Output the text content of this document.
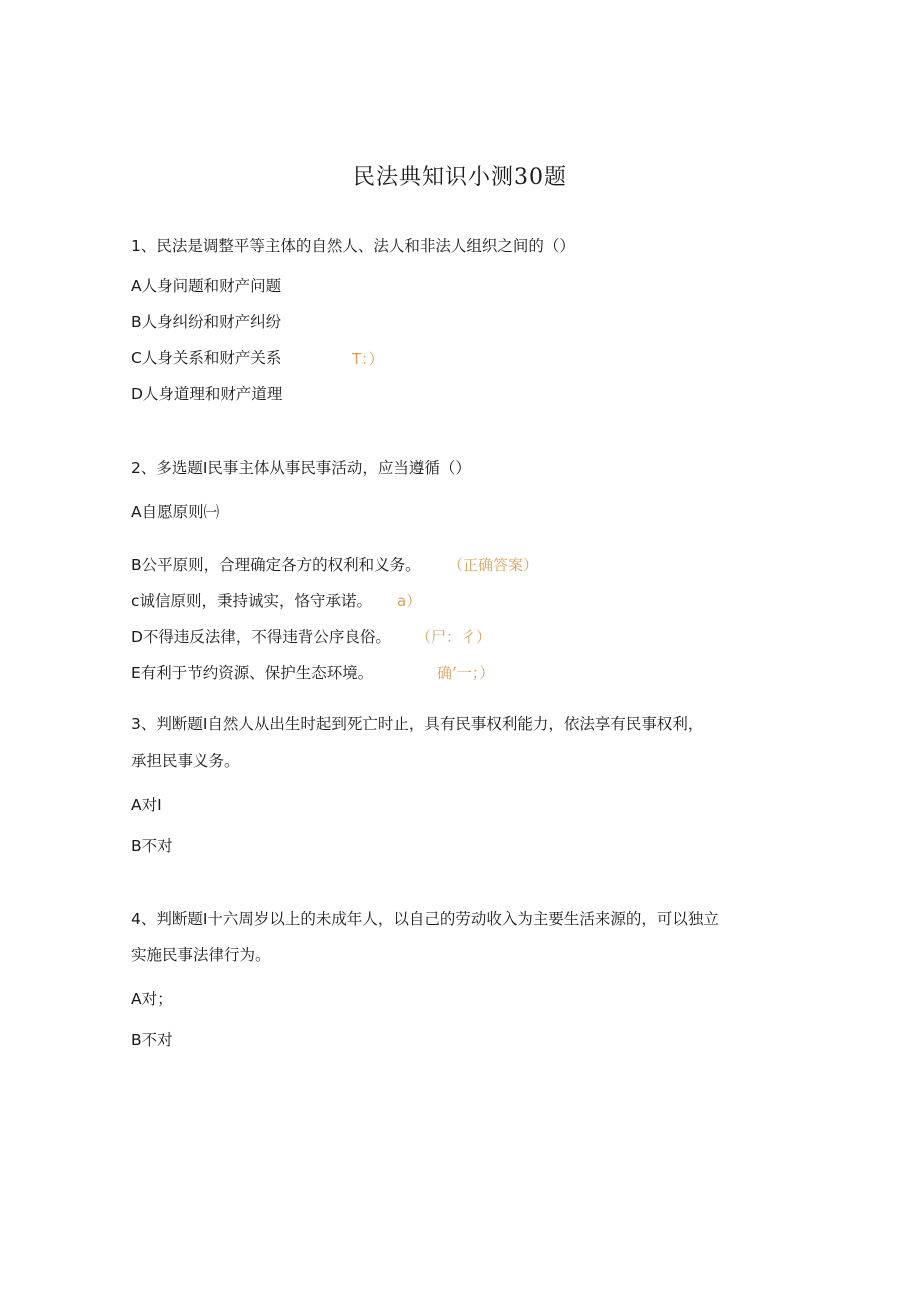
民法典知识小测30题
1、民法是调整平等主体的自然人、法人和非法人组织之间的（）
A人身问题和财产问题
B人身纠纷和财产纠纷
C人身关系和财产关系	T：）
D人身道理和财产道理
2、多选题I民事主体从事民事活动，应当遵循（）
A自愿原则㈠
B公平原则，合理确定各方的权利和义务。 （正确答案）
c诚信原则，秉持诚实，恪守承诺。 a）
D不得违反法律，不得违背公序良俗。 （尸：彳）
E有利于节约资源、保护生态环境。	确’一；）
3、判断题I自然人从出生时起到死亡时止，具有民事权利能力，依法享有民事权利，
承担民事义务。
A对I
B不对
4、判断题I十六周岁以上的未成年人，以自己的劳动收入为主要生活来源的，可以独立
实施民事法律行为。
A对；
B不对
